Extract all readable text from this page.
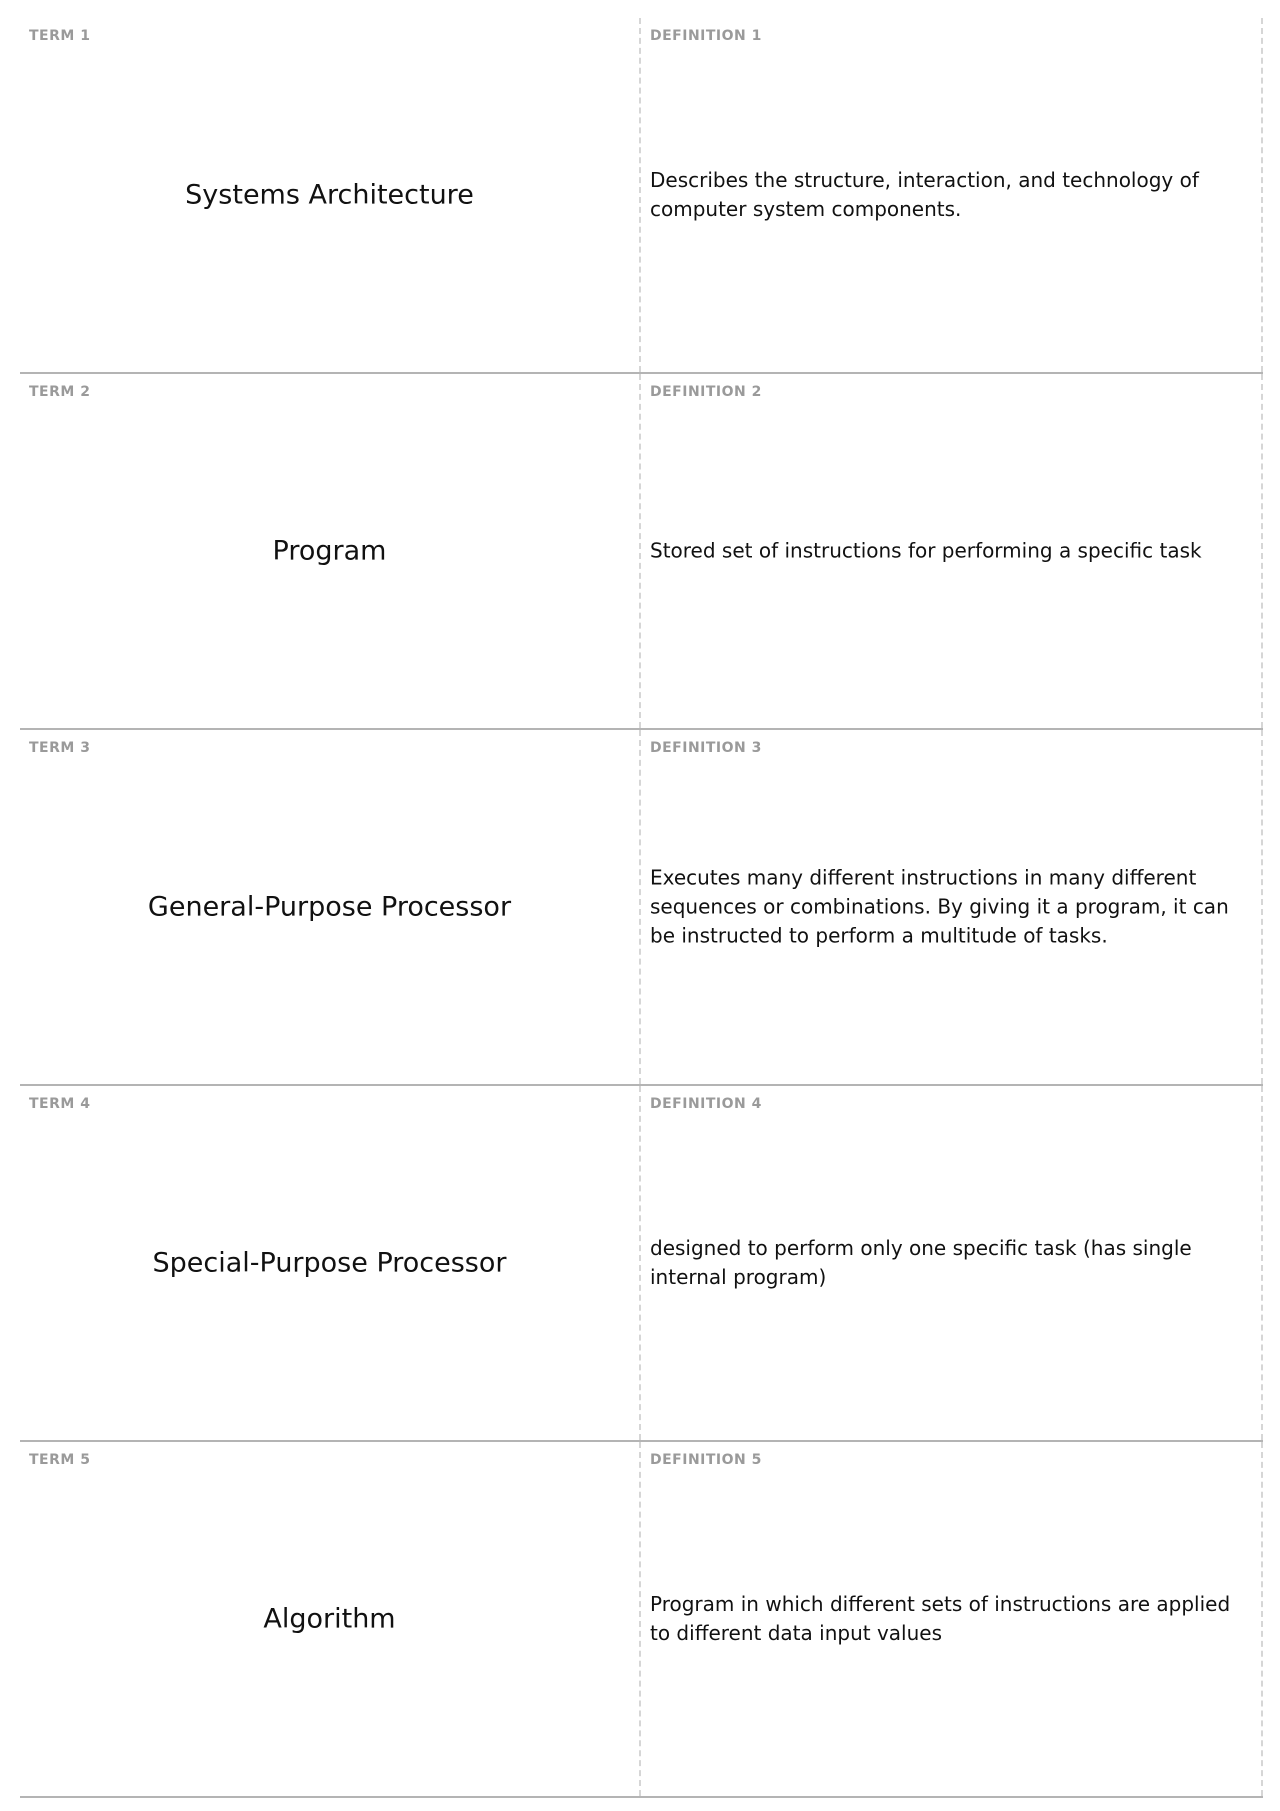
TERM 1
Systems Architecture
DEFINITION 1
Describes the structure, interaction, and technology of computer system components.
TERM 2
Program
DEFINITION 2
Stored set of instructions for performing a specific task
TERM 3
General-Purpose Processor
DEFINITION 3
Executes many different instructions in many different sequences or combinations. By giving it a program, it can be instructed to perform a multitude of tasks.
TERM 4
Special-Purpose Processor
DEFINITION 4
designed to perform only one specific task (has single internal program)
TERM 5
Algorithm
DEFINITION 5
Program in which different sets of instructions are applied to different data input values
